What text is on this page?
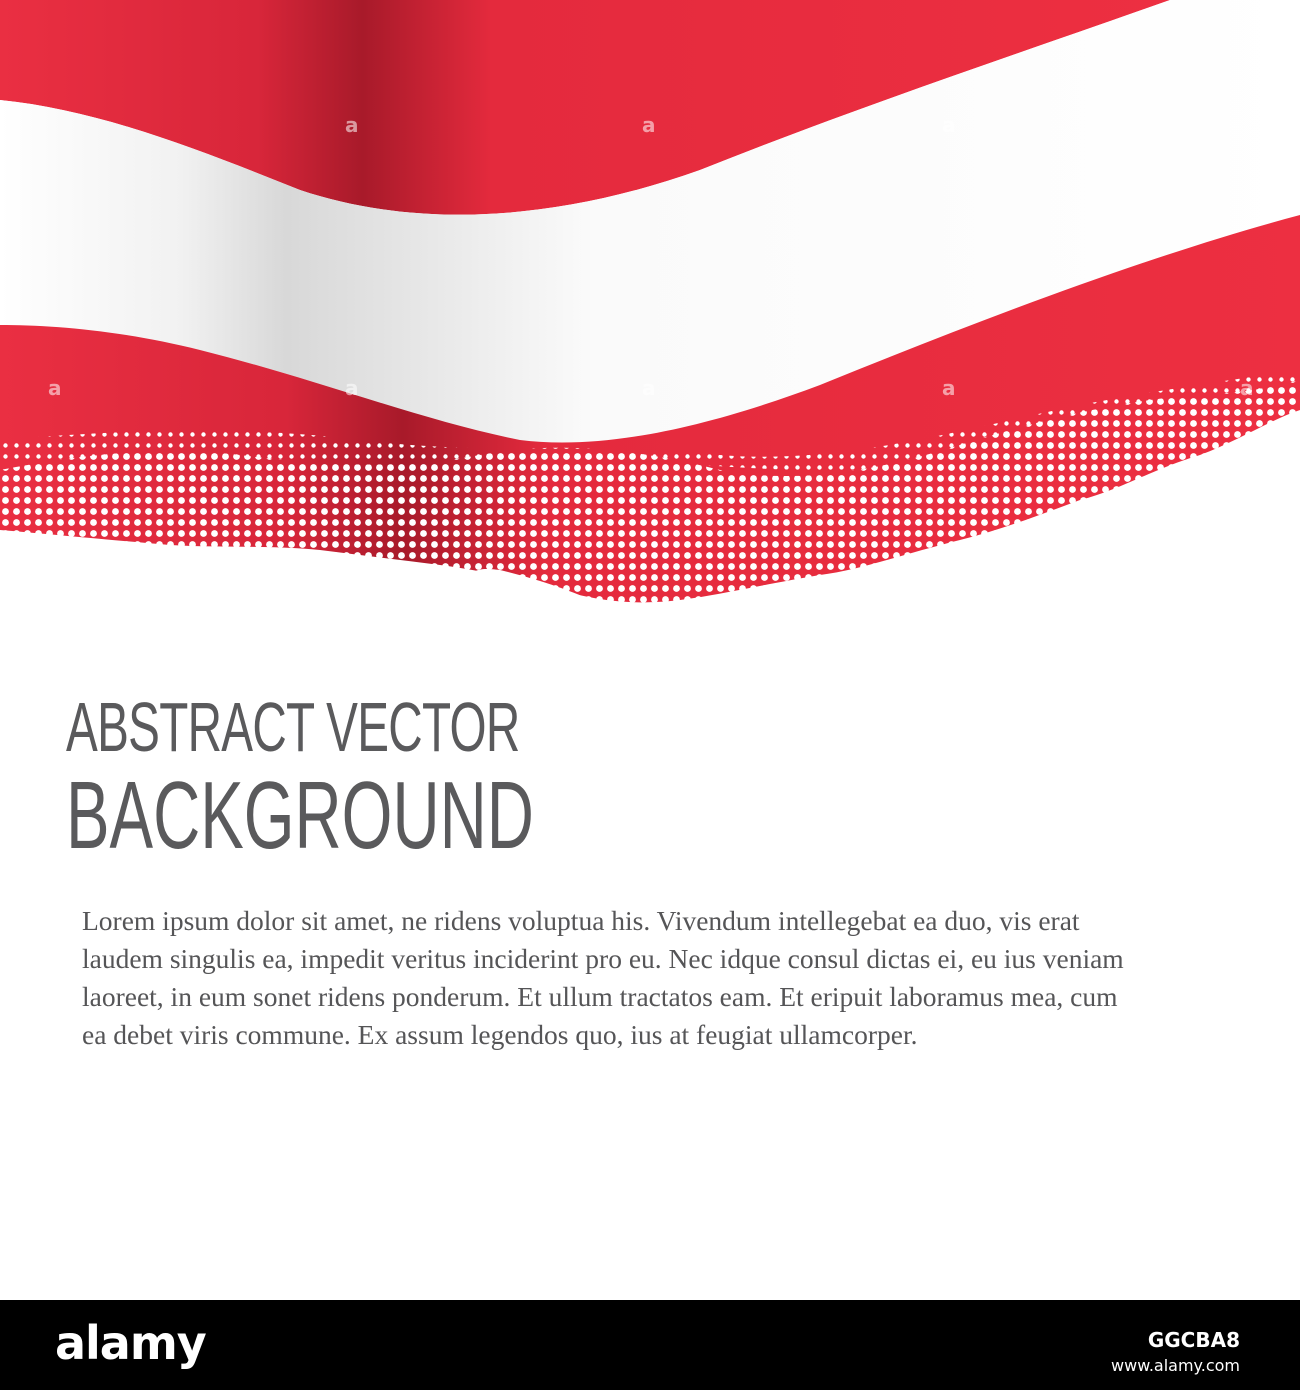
a	a	a
a	a	a	a	a
ABSTRACT VECTOR
BACKGROUND

Lorem ipsum dolor sit amet, ne ridens voluptua his. Vivendum intellegebat ea duo, vis erat laudem singulis ea, impedit veritus inciderint pro eu. Nec idque consul dictas ei, eu ius veniam laoreet, in eum sonet ridens ponderum. Et ullum tractatos eam. Et eripuit laboramus mea, cum ea debet viris commune. Ex assum legendos quo, ius at feugiat ullamcorper.

alamy	GGCBA8
www.alamy.com
